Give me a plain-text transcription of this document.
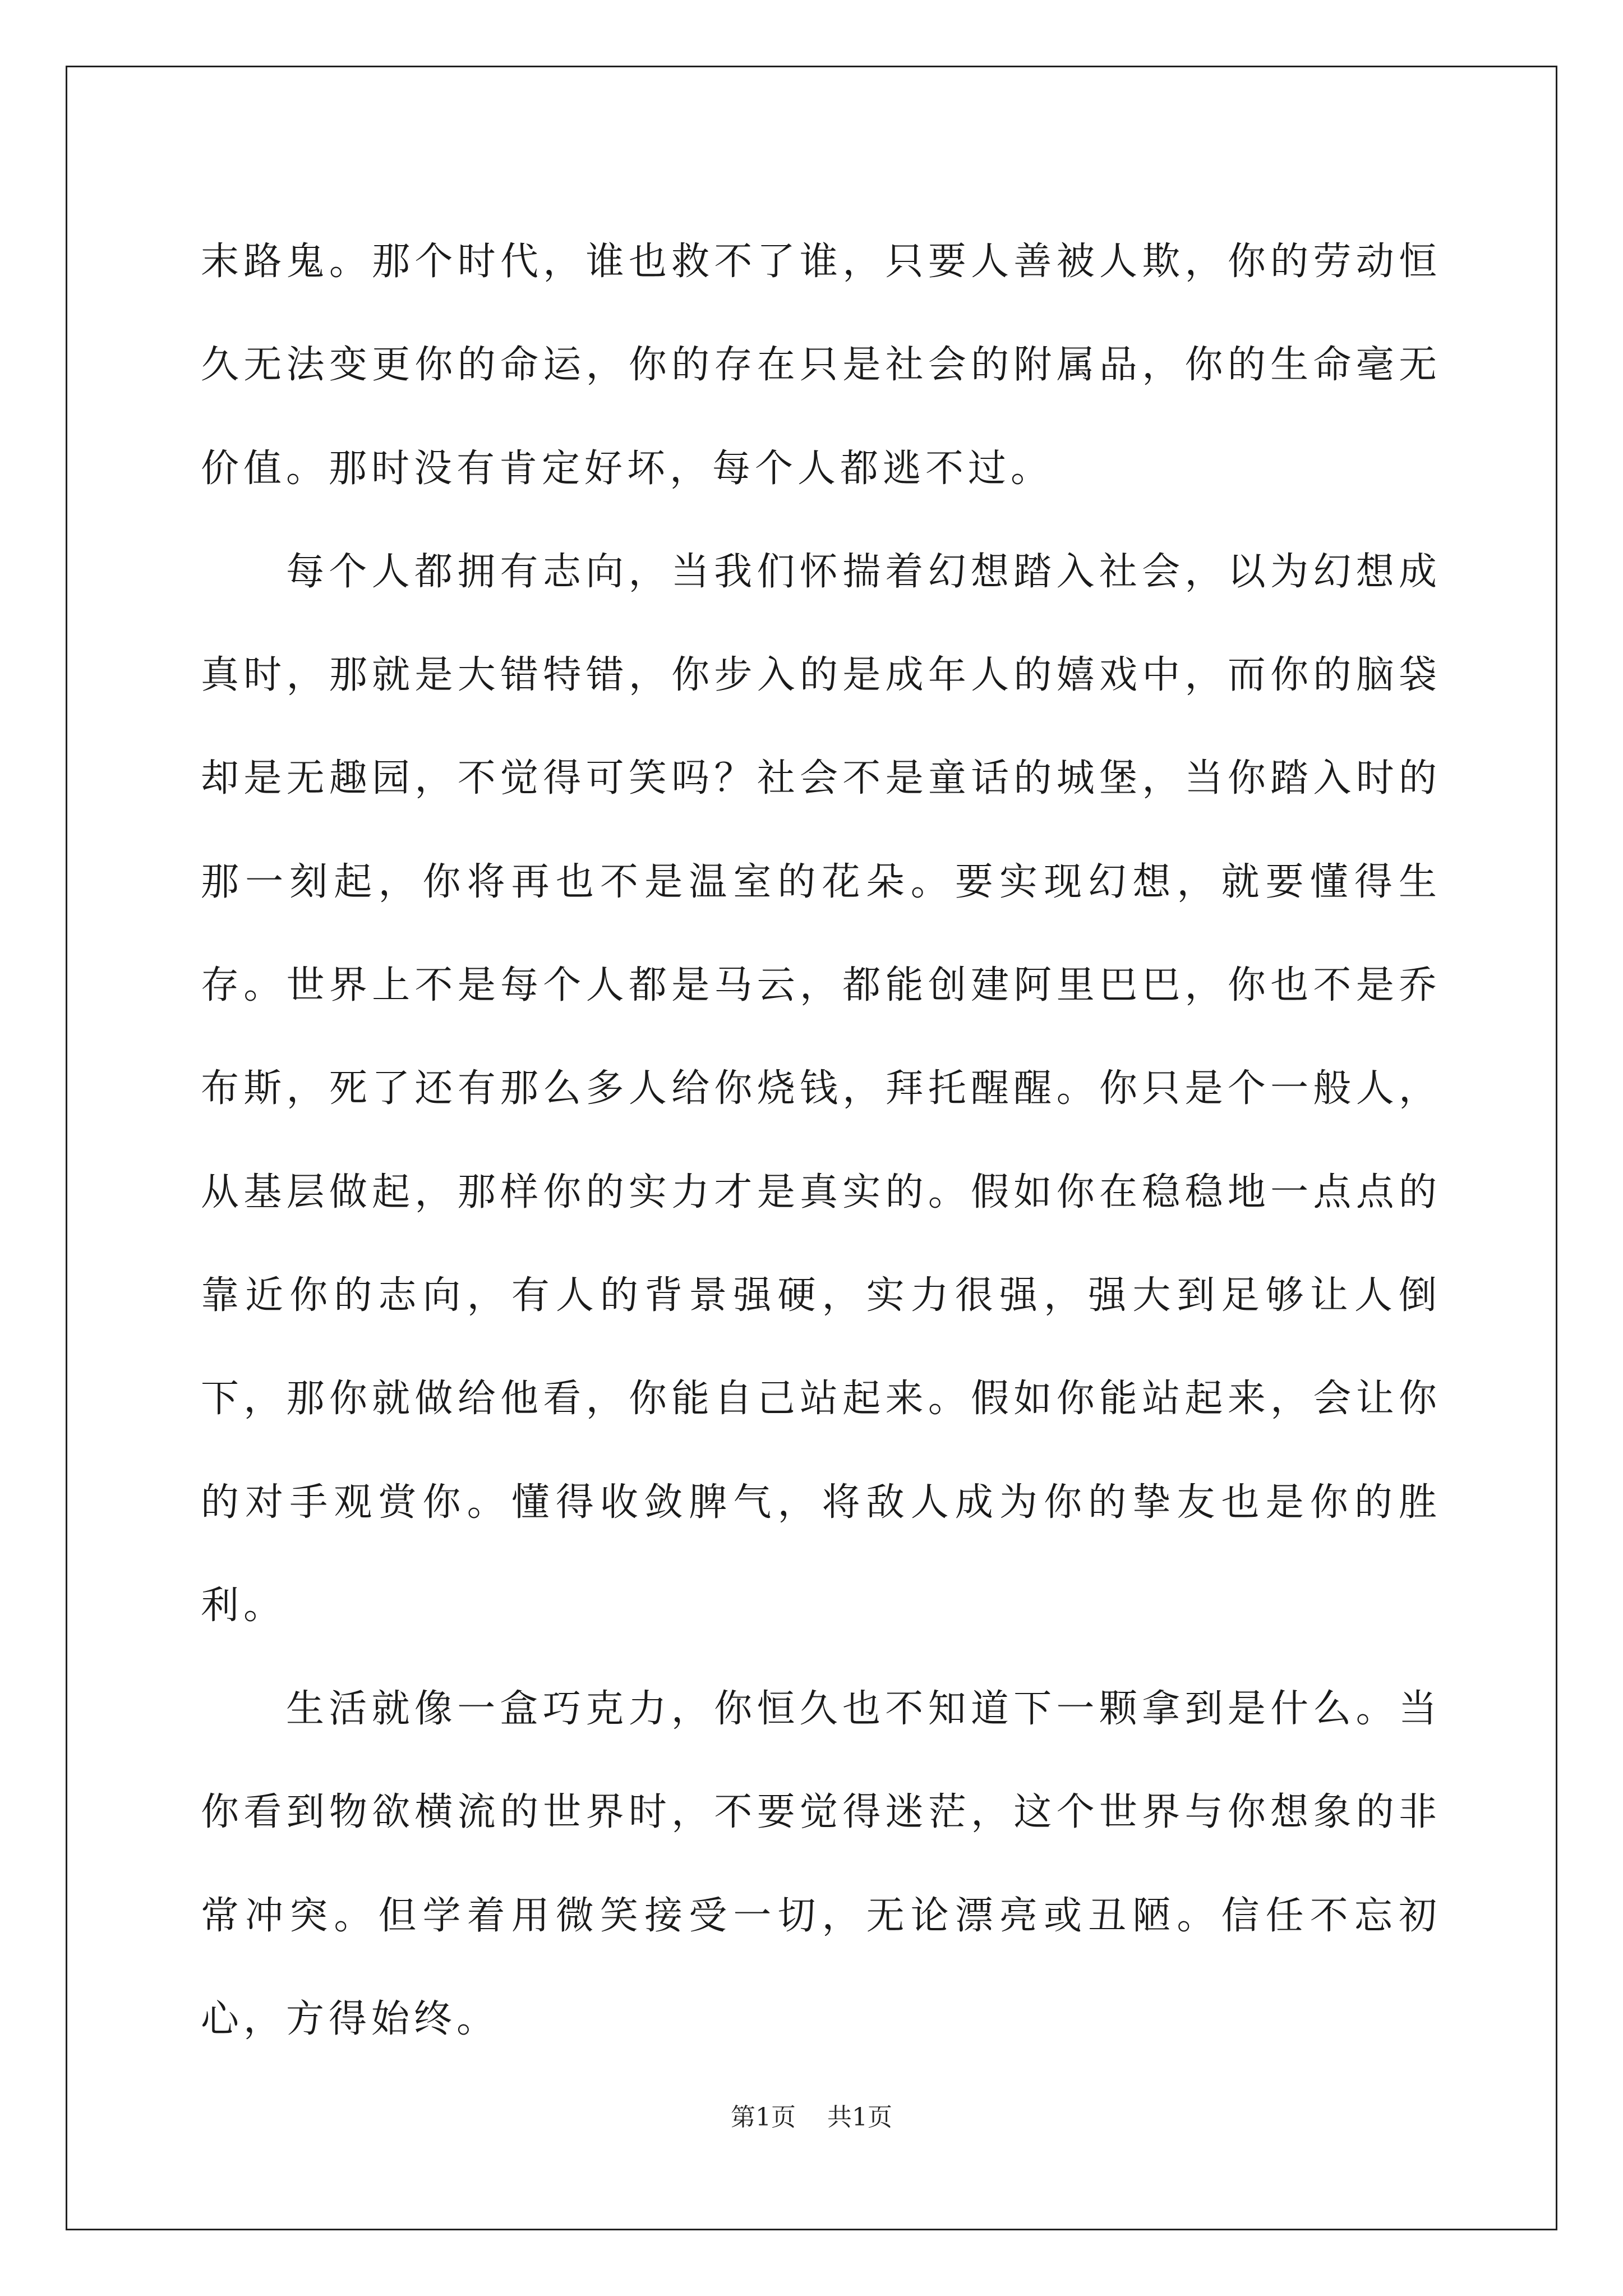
末路鬼。那个时代，谁也救不了谁，只要人善被人欺，你的劳动恒久无法变更你的命运，你的存在只是社会的附属品，你的生命毫无价值。那时没有肯定好坏，每个人都逃不过。

每个人都拥有志向，当我们怀揣着幻想踏入社会，以为幻想成真时，那就是大错特错，你步入的是成年人的嬉戏中，而你的脑袋却是无趣园，不觉得可笑吗？社会不是童话的城堡，当你踏入时的那一刻起，你将再也不是温室的花朵。要实现幻想，就要懂得生存。世界上不是每个人都是马云，都能创建阿里巴巴，你也不是乔布斯，死了还有那么多人给你烧钱，拜托醒醒。你只是个一般人，从基层做起，那样你的实力才是真实的。假如你在稳稳地一点点的靠近你的志向，有人的背景强硬，实力很强，强大到足够让人倒下，那你就做给他看，你能自己站起来。假如你能站起来，会让你的对手观赏你。懂得收敛脾气，将敌人成为你的挚友也是你的胜利。

生活就像一盒巧克力，你恒久也不知道下一颗拿到是什么。当你看到物欲横流的世界时，不要觉得迷茫，这个世界与你想象的非常冲突。但学着用微笑接受一切，无论漂亮或丑陋。信任不忘初心，方得始终。

第1页 共1页
